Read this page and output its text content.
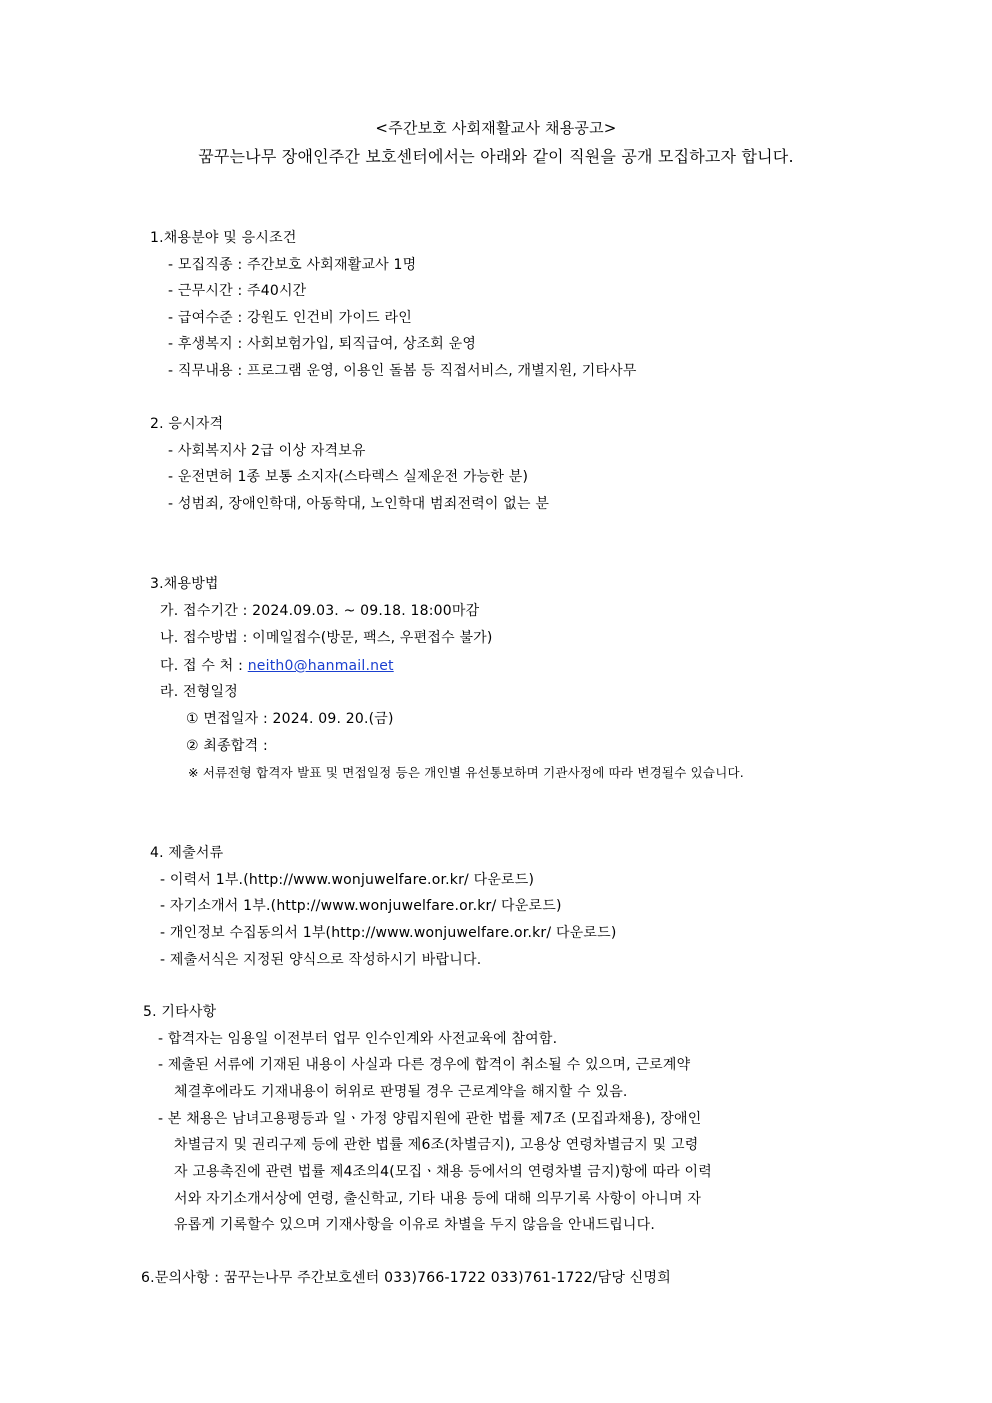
<주간보호 사회재활교사 채용공고>
꿈꾸는나무 장애인주간 보호센터에서는 아래와 같이 직원을 공개 모집하고자 합니다.
1.채용분야 및 응시조건
- 모집직종 : 주간보호 사회재활교사 1명
- 근무시간 : 주40시간
- 급여수준 : 강원도 인건비 가이드 라인
- 후생복지 : 사회보험가입, 퇴직급여, 상조회 운영
- 직무내용 : 프로그램 운영, 이용인 돌봄 등 직접서비스, 개별지원, 기타사무
2. 응시자격
- 사회복지사 2급 이상 자격보유
- 운전면허 1종 보통 소지자(스타렉스 실제운전 가능한 분)
- 성범죄, 장애인학대, 아동학대, 노인학대 범죄전력이 없는 분
3.채용방법
가. 접수기간 : 2024.09.03. ~ 09.18. 18:00마감
나. 접수방법 : 이메일접수(방문, 팩스, 우편접수 불가)
다. 접 수 처 : neith0@hanmail.net
라. 전형일정
① 면접일자 : 2024. 09. 20.(금)
② 최종합격 :
※ 서류전형 합격자 발표 및 면접일정 등은 개인별 유선통보하며 기관사정에 따라 변경될수 있습니다.
4. 제출서류
- 이력서 1부.(http://www.wonjuwelfare.or.kr/ 다운로드)
- 자기소개서 1부.(http://www.wonjuwelfare.or.kr/ 다운로드)
- 개인정보 수집동의서 1부(http://www.wonjuwelfare.or.kr/ 다운로드)
- 제출서식은 지정된 양식으로 작성하시기 바랍니다.
5. 기타사항
- 합격자는 임용일 이전부터 업무 인수인계와 사전교육에 참여함.
- 제출된 서류에 기재된 내용이 사실과 다른 경우에 합격이 취소될 수 있으며, 근로계약
체결후에라도 기재내용이 허위로 판명될 경우 근로계약을 해지할 수 있음.
- 본 채용은 남녀고용평등과 일ㆍ가정 양립지원에 관한 법률 제7조 (모집과채용), 장애인
차별금지 및 권리구제 등에 관한 법률 제6조(차별금지), 고용상 연령차별금지 및 고령
자 고용촉진에 관련 법률 제4조의4(모집ㆍ채용 등에서의 연령차별 금지)항에 따라 이력
서와 자기소개서상에 연령, 출신학교, 기타 내용 등에 대해 의무기록 사항이 아니며 자
유롭게 기록할수 있으며 기재사항을 이유로 차별을 두지 않음을 안내드립니다.
6.문의사항 : 꿈꾸는나무 주간보호센터 033)766-1722 033)761-1722/담당 신명희
